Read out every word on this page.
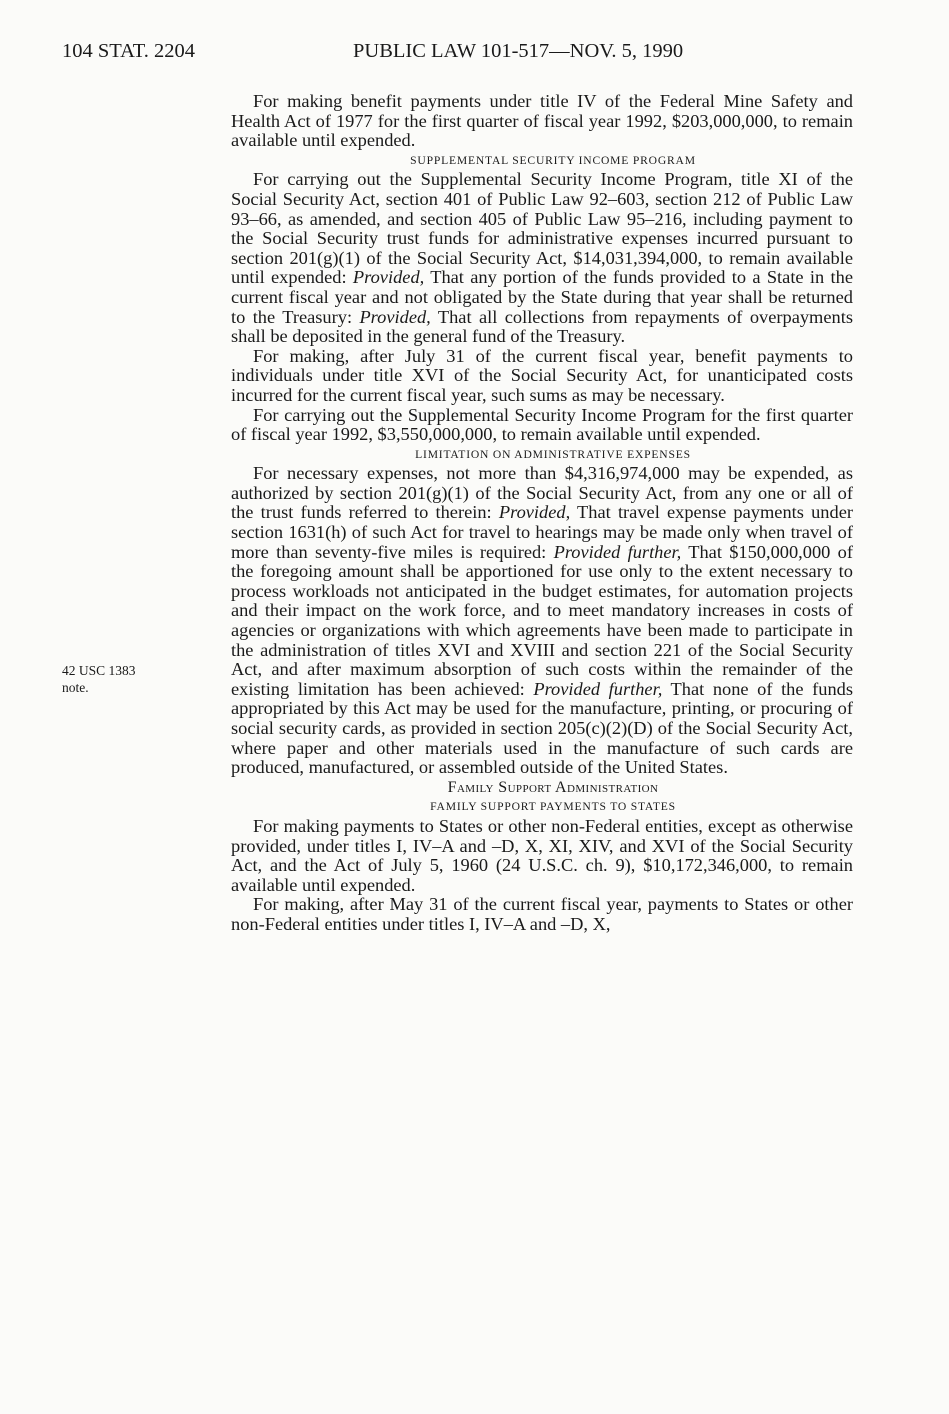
104 STAT. 2204	PUBLIC LAW 101-517—NOV. 5, 1990
42 USC 1383
note.

For making benefit payments under title IV of the Federal Mine Safety and Health Act of 1977 for the first quarter of fiscal year 1992, $203,000,000, to remain available until expended.

SUPPLEMENTAL SECURITY INCOME PROGRAM

For carrying out the Supplemental Security Income Program, title XI of the Social Security Act, section 401 of Public Law 92–603, section 212 of Public Law 93–66, as amended, and section 405 of Public Law 95–216, including payment to the Social Security trust funds for administrative expenses incurred pursuant to section 201(g)(1) of the Social Security Act, $14,031,394,000, to remain available until expended: Provided, That any portion of the funds provided to a State in the current fiscal year and not obligated by the State during that year shall be returned to the Treasury: Provided, That all collections from repayments of overpayments shall be deposited in the general fund of the Treasury.

For making, after July 31 of the current fiscal year, benefit payments to individuals under title XVI of the Social Security Act, for unanticipated costs incurred for the current fiscal year, such sums as may be necessary.

For carrying out the Supplemental Security Income Program for the first quarter of fiscal year 1992, $3,550,000,000, to remain available until expended.

LIMITATION ON ADMINISTRATIVE EXPENSES

For necessary expenses, not more than $4,316,974,000 may be expended, as authorized by section 201(g)(1) of the Social Security Act, from any one or all of the trust funds referred to therein: Provided, That travel expense payments under section 1631(h) of such Act for travel to hearings may be made only when travel of more than seventy-five miles is required: Provided further, That $150,000,000 of the foregoing amount shall be apportioned for use only to the extent necessary to process workloads not anticipated in the budget estimates, for automation projects and their impact on the work force, and to meet mandatory increases in costs of agencies or organizations with which agreements have been made to participate in the administration of titles XVI and XVIII and section 221 of the Social Security Act, and after maximum absorption of such costs within the remainder of the existing limitation has been achieved: Provided further, That none of the funds appropriated by this Act may be used for the manufacture, printing, or procuring of social security cards, as provided in section 205(c)(2)(D) of the Social Security Act, where paper and other materials used in the manufacture of such cards are produced, manufactured, or assembled outside of the United States.

Family Support Administration

FAMILY SUPPORT PAYMENTS TO STATES

For making payments to States or other non-Federal entities, except as otherwise provided, under titles I, IV–A and –D, X, XI, XIV, and XVI of the Social Security Act, and the Act of July 5, 1960 (24 U.S.C. ch. 9), $10,172,346,000, to remain available until expended.

For making, after May 31 of the current fiscal year, payments to States or other non-Federal entities under titles I, IV–A and –D, X,
